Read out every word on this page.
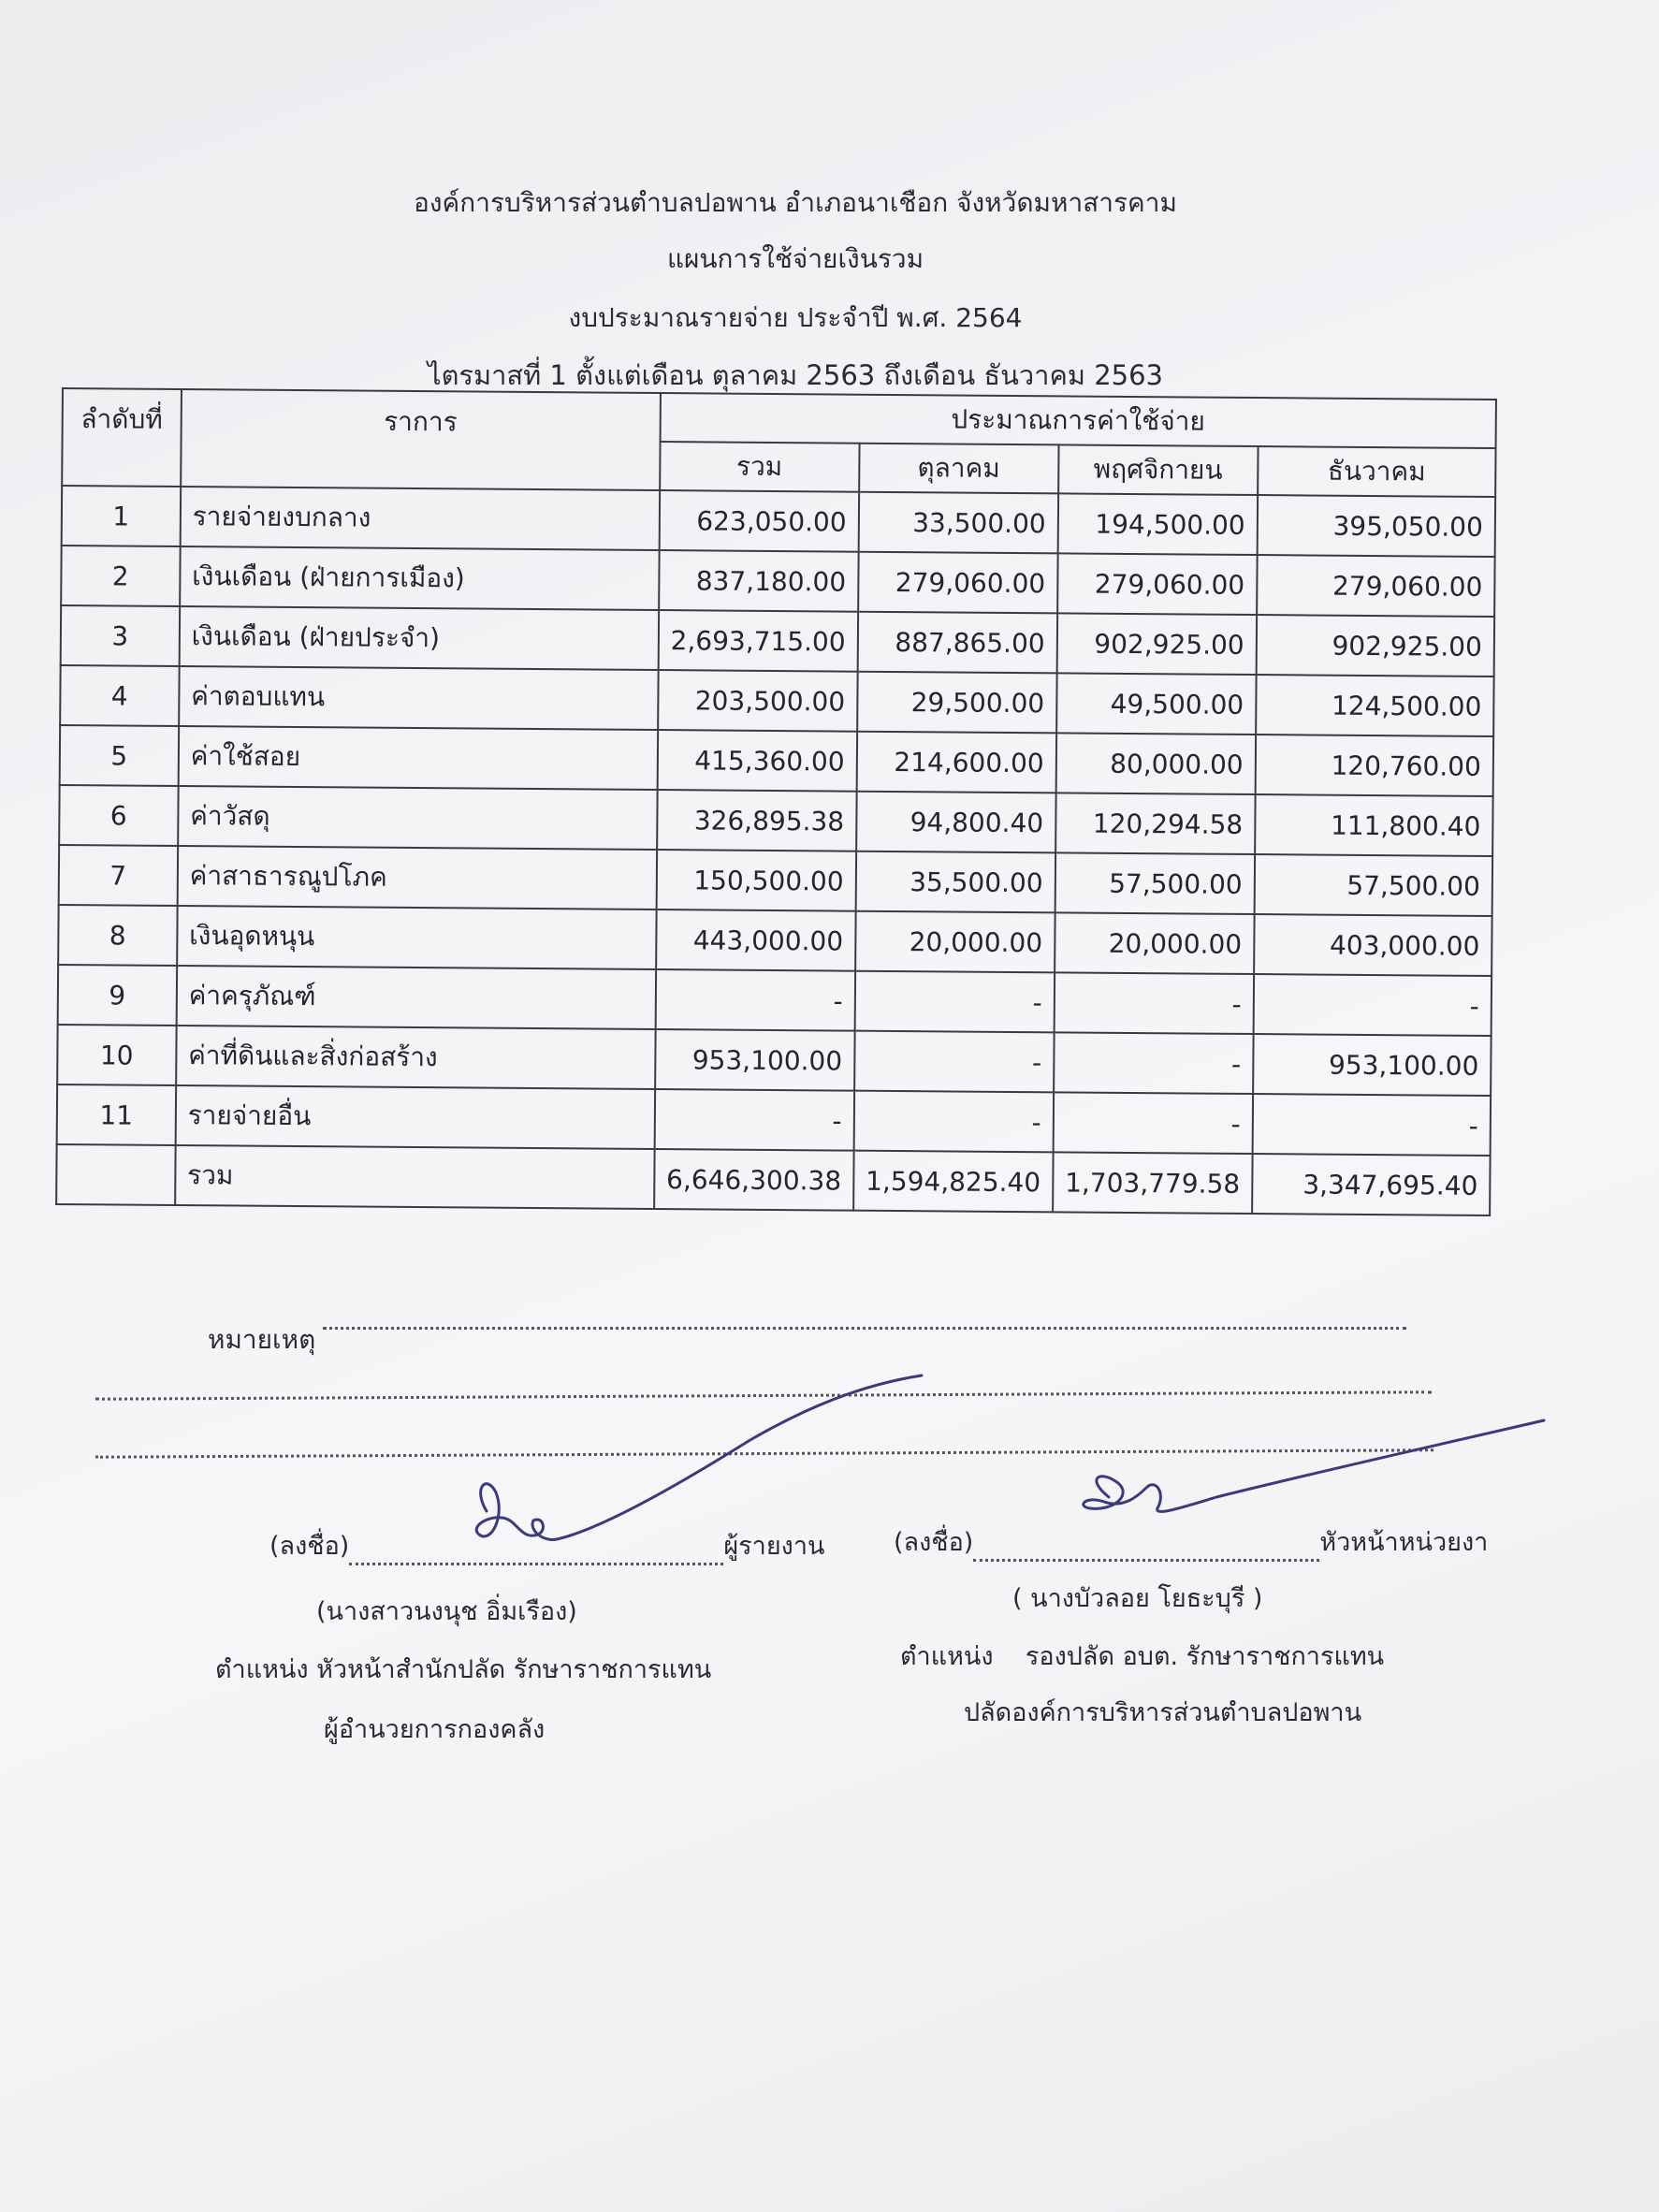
องค์การบริหารส่วนตำบลปอพาน อำเภอนาเชือก จังหวัดมหาสารคาม
แผนการใช้จ่ายเงินรวม
งบประมาณรายจ่าย ประจำปี พ.ศ. 2564
ไตรมาสที่ 1 ตั้งแต่เดือน ตุลาคม 2563 ถึงเดือน ธันวาคม 2563
ลำดับที่	ราการ	ประมาณการค่าใช้จ่าย			
		รวม	ตุลาคม	พฤศจิกายน	ธันวาคม
1	รายจ่ายงบกลาง	623,050.00	33,500.00	194,500.00	395,050.00
2	เงินเดือน (ฝ่ายการเมือง)	837,180.00	279,060.00	279,060.00	279,060.00
3	เงินเดือน (ฝ่ายประจำ)	2,693,715.00	887,865.00	902,925.00	902,925.00
4	ค่าตอบแทน	203,500.00	29,500.00	49,500.00	124,500.00
5	ค่าใช้สอย	415,360.00	214,600.00	80,000.00	120,760.00
6	ค่าวัสดุ	326,895.38	94,800.40	120,294.58	111,800.40
7	ค่าสาธารณูปโภค	150,500.00	35,500.00	57,500.00	57,500.00
8	เงินอุดหนุน	443,000.00	20,000.00	20,000.00	403,000.00
9	ค่าครุภัณฑ์	-	-	-	-
10	ค่าที่ดินและสิ่งก่อสร้าง	953,100.00	-	-	953,100.00
11	รายจ่ายอื่น	-	-	-	-
	รวม	6,646,300.38	1,594,825.40	1,703,779.58	3,347,695.40
หมายเหตุ
(ลงชื่อ)	ผู้รายงาน
(นางสาวนงนุช อิ่มเรือง)
ตำแหน่ง หัวหน้าสำนักปลัด รักษาราชการแทน
ผู้อำนวยการกองคลัง
(ลงชื่อ)	หัวหน้าหน่วยงา
( นางบัวลอย โยธะบุรี )
ตำแหน่ง รองปลัด อบต. รักษาราชการแทน
ปลัดองค์การบริหารส่วนตำบลปอพาน
